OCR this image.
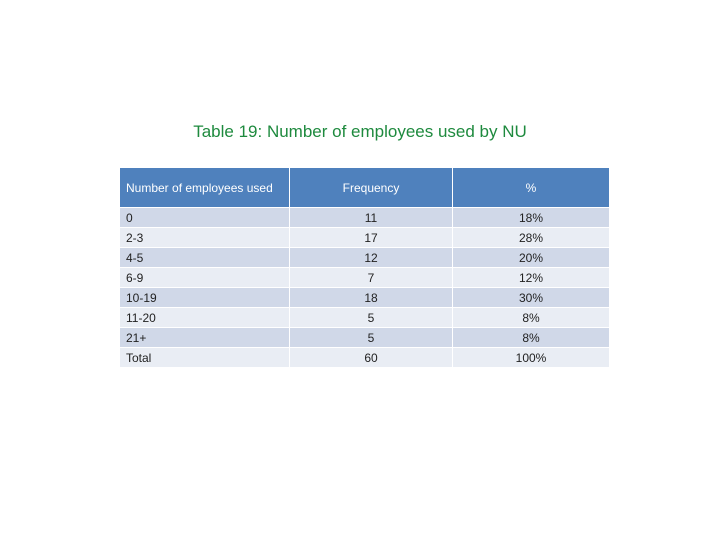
Table 19: Number of employees used by NU
Number of employees used	Frequency	%
0	11	18%
2-3	17	28%
4-5	12	20%
6-9	7	12%
10-19	18	30%
11-20	5	8%
21+	5	8%
Total	60	100%
